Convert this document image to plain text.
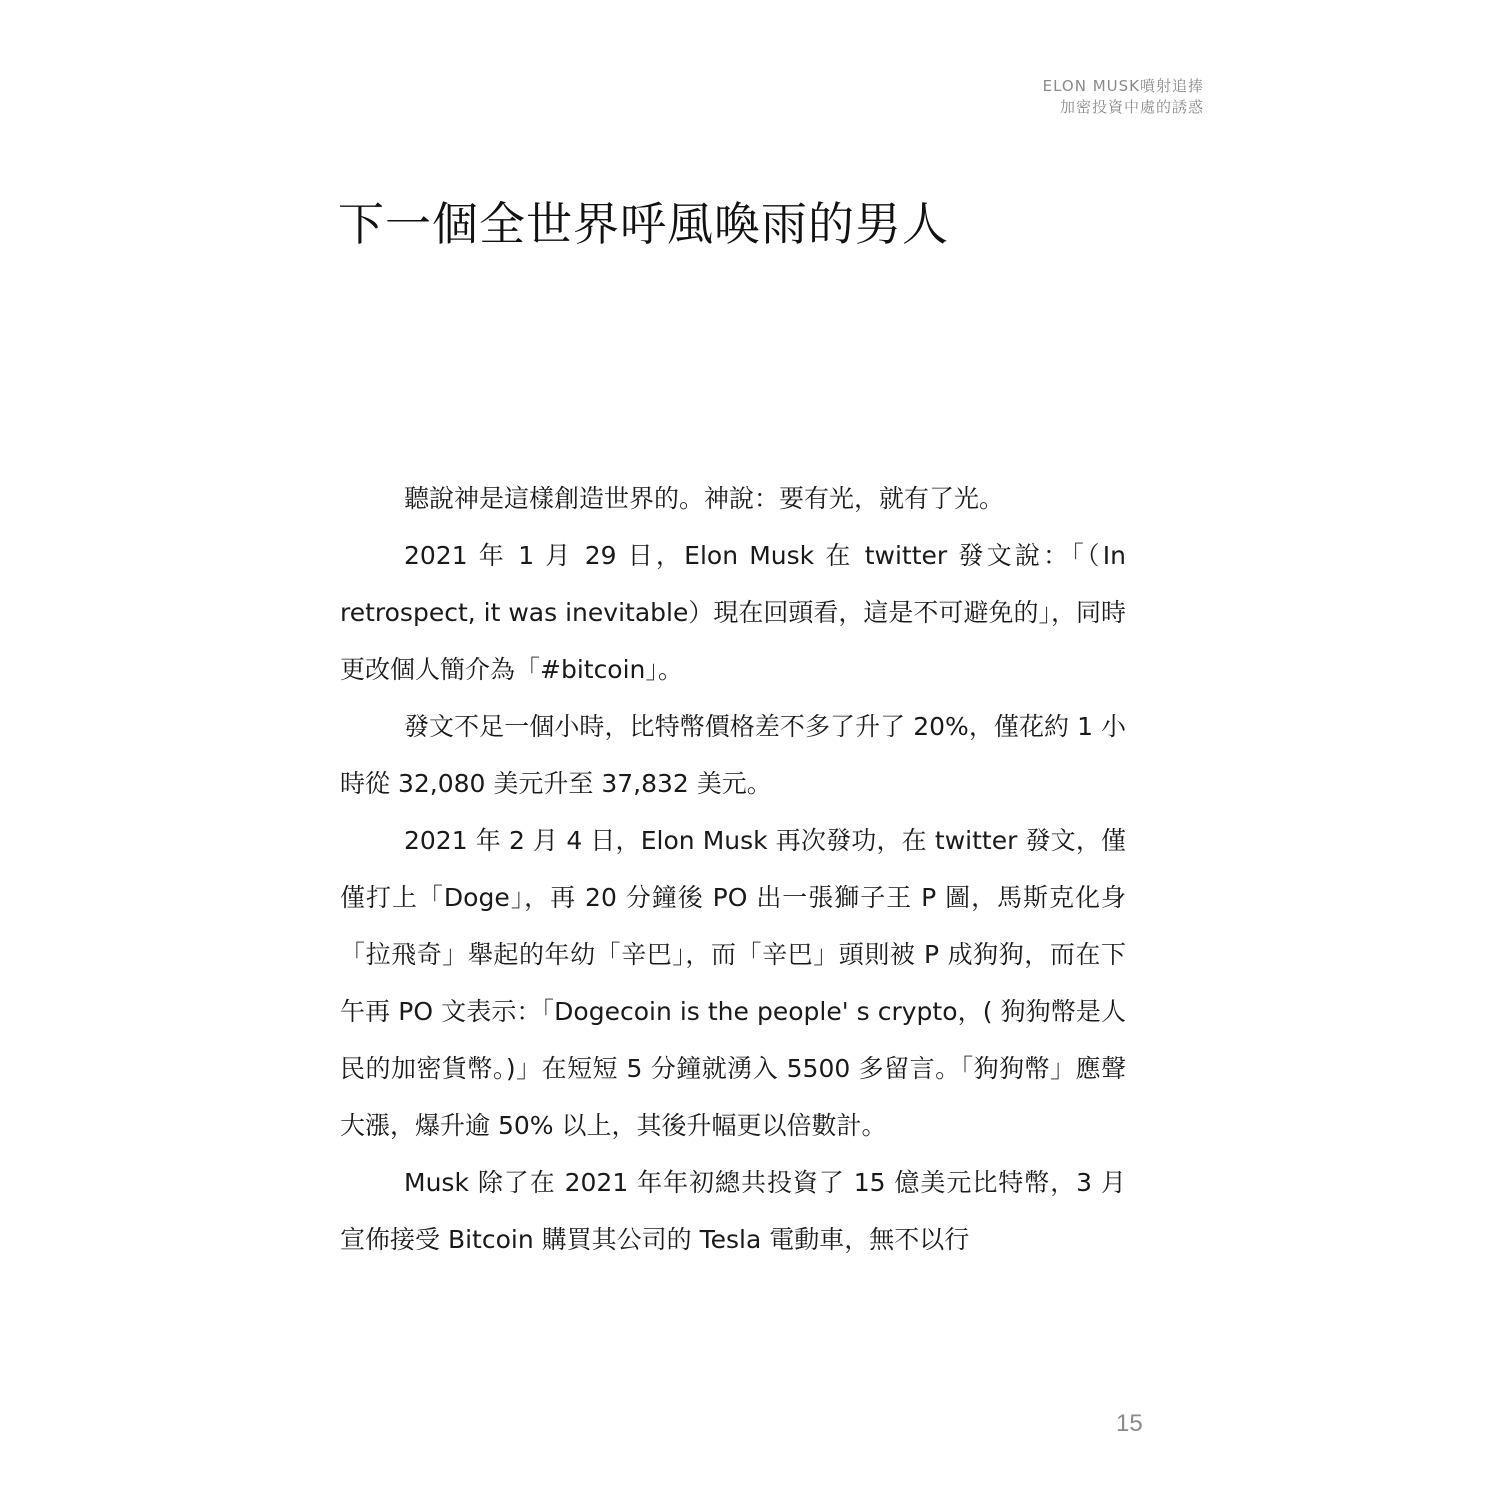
ELON MUSK噴射追捧
加密投資中處的誘惑
下一個全世界呼風喚雨的男人

聽說神是這樣創造世界的。神說：要有光，就有了光。

2021 年 1 月 29 日，Elon Musk 在 twitter 發文說：「（In retrospect, it was inevitable）現在回頭看，這是不可避免的」，同時更改個人簡介為「#bitcoin」。

發文不足一個小時，比特幣價格差不多了升了 20%，僅花約 1 小時從 32,080 美元升至 37,832 美元。

2021 年 2 月 4 日，Elon Musk 再次發功，在 twitter 發文，僅僅打上「Doge」，再 20 分鐘後 PO 出一張獅子王 P 圖，馬斯克化身「拉飛奇」舉起的年幼「辛巴」，而「辛巴」頭則被 P 成狗狗，而在下午再 PO 文表示：「Dogecoin is the people' s crypto，( 狗狗幣是人民的加密貨幣。)」在短短 5 分鐘就湧入 5500 多留言。「狗狗幣」應聲大漲，爆升逾 50% 以上，其後升幅更以倍數計。

Musk 除了在 2021 年年初總共投資了 15 億美元比特幣，3 月宣佈接受 Bitcoin 購買其公司的 Tesla 電動車，無不以行

15
